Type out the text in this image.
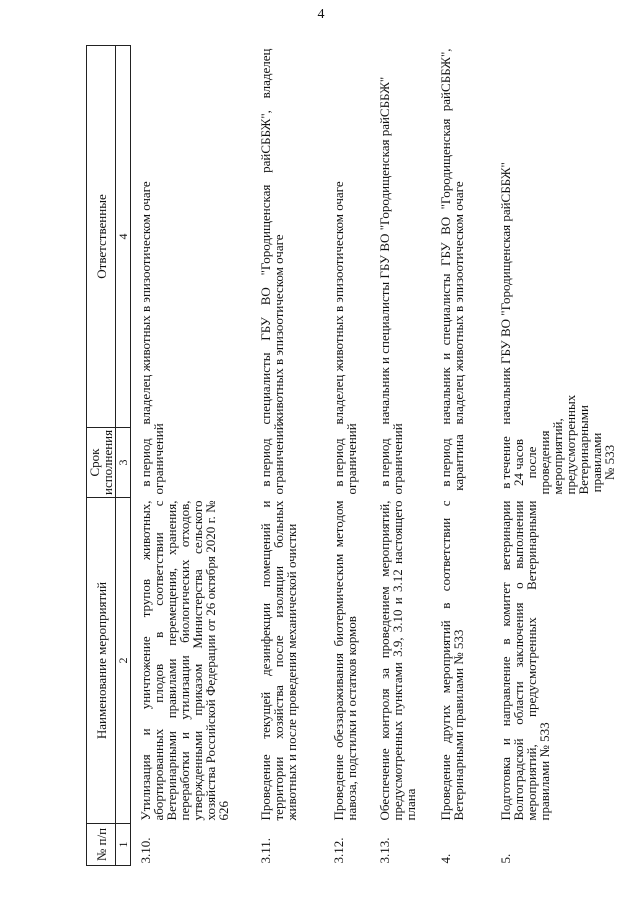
4
№ п/п	Наименование мероприятий	Срок исполнения	Ответственные
1	2	3	4
3.10.	Утилизация и уничтожение трупов животных, абортированных плодов в соответствии с Ветеринарными правилами перемещения, хранения, переработки и утилизации биологических отходов, утвержденными приказом Министерства сельского хозяйства Российской Федерации от 26 октября 2020 г. № 626	в период ограничений	владелец животных в эпизоотическом очаге
3.11.	Проведение текущей дезинфекции помещений и территории хозяйства после изоляции больных животных и после проведения механической очистки	в период ограничений	специалисты ГБУ ВО "Городищенская райСББЖ", владелец животных в эпизоотическом очаге
3.12.	Проведение обеззараживания биотермическим методом навоза, подстилки и остатков кормов	в период ограничений	владелец животных в эпизоотическом очаге
3.13.	Обеспечение контроля за проведением мероприятий, предусмотренных пунктами 3.9, 3.10 и 3.12 настоящего плана	в период ограничений	начальник и специалисты ГБУ ВО "Городищенская райСББЖ"
4.	Проведение других мероприятий в соответствии с Ветеринарными правилами № 533	в период карантина	начальник и специалисты ГБУ ВО "Городищенская райСББЖ", владелец животных в эпизоотическом очаге
5.	Подготовка и направление в комитет ветеринарии Волгоградской области заключения о выполнении мероприятий, предусмотренных Ветеринарными правилами № 533	в течение 24 часов после проведения мероприятий, предусмотренных Ветеринарными правилами № 533	начальник ГБУ ВО "Городищенская райСББЖ"
